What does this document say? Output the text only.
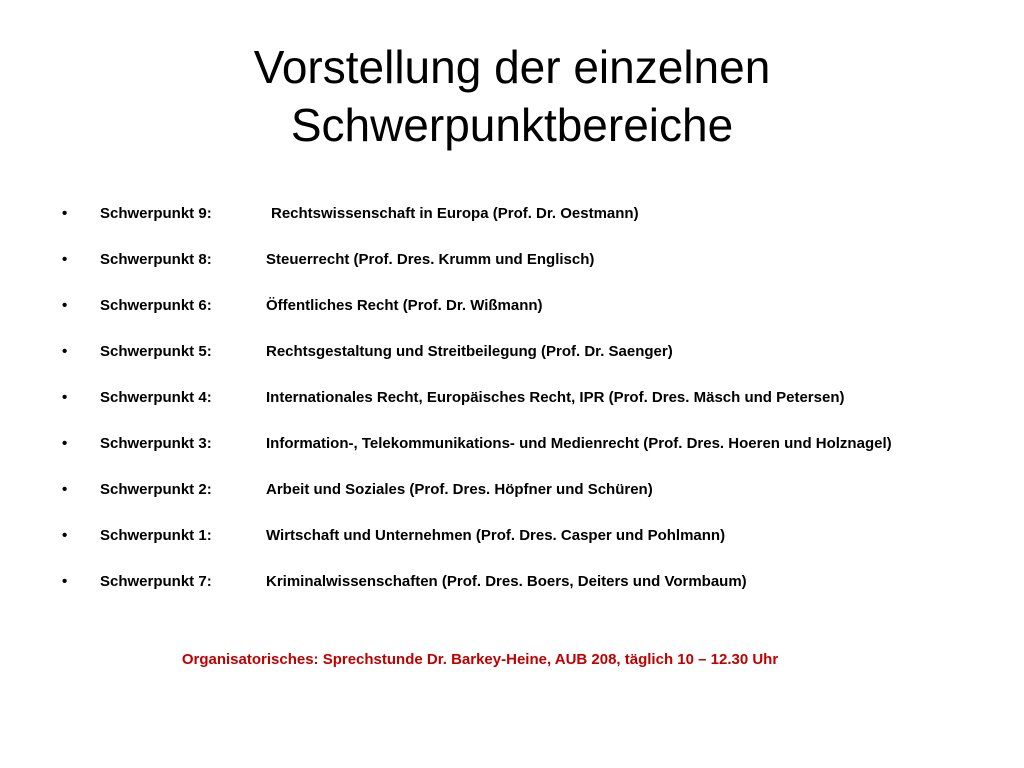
Vorstellung der einzelnen
Schwerpunktbereiche
•	Schwerpunkt 9:	Rechtswissenschaft in Europa (Prof. Dr. Oestmann)
•	Schwerpunkt 8:	Steuerrecht (Prof. Dres. Krumm und Englisch)
•	Schwerpunkt 6:	Öffentliches Recht (Prof. Dr. Wißmann)
•	Schwerpunkt 5:	Rechtsgestaltung und Streitbeilegung (Prof. Dr. Saenger)
•	Schwerpunkt 4:	Internationales Recht, Europäisches Recht, IPR (Prof. Dres. Mäsch und Petersen)
•	Schwerpunkt 3:	Information-, Telekommunikations- und Medienrecht (Prof. Dres. Hoeren und Holznagel)
•	Schwerpunkt 2:	Arbeit und Soziales (Prof. Dres. Höpfner und Schüren)
•	Schwerpunkt 1:	Wirtschaft und Unternehmen (Prof. Dres. Casper und Pohlmann)
•	Schwerpunkt 7:	Kriminalwissenschaften (Prof. Dres. Boers, Deiters und Vormbaum)
Organisatorisches: Sprechstunde Dr. Barkey-Heine, AUB 208, täglich 10 – 12.30 Uhr
